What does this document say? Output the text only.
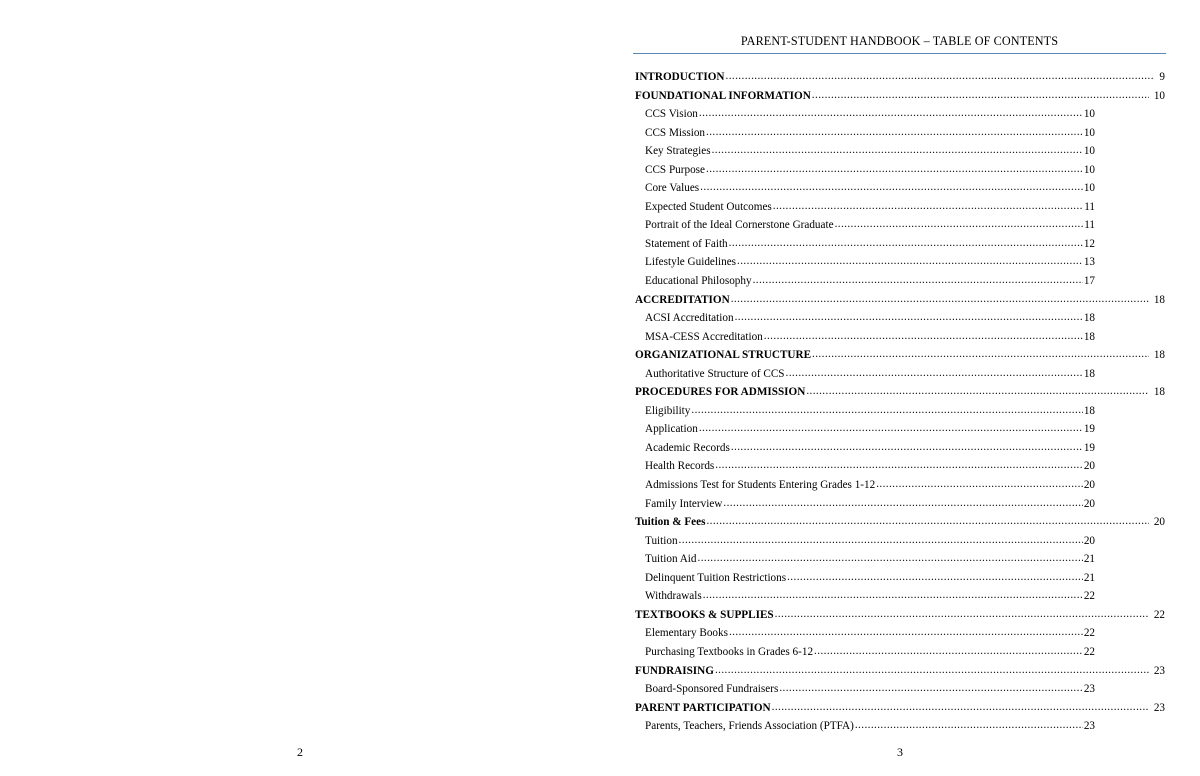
2
PARENT-STUDENT HANDBOOK – TABLE OF CONTENTS
INTRODUCTION .....	9
FOUNDATIONAL INFORMATION .....	10
CCS Vision .....	10
CCS Mission .....	10
Key Strategies .....	10
CCS Purpose .....	10
Core Values .....	10
Expected Student Outcomes .....	11
Portrait of the Ideal Cornerstone Graduate .....	11
Statement of Faith .....	12
Lifestyle Guidelines .....	13
Educational Philosophy .....	17
ACCREDITATION .....	18
ACSI Accreditation .....	18
MSA-CESS Accreditation .....	18
ORGANIZATIONAL STRUCTURE .....	18
Authoritative Structure of CCS .....	18
PROCEDURES FOR ADMISSION .....	18
Eligibility .....	18
Application .....	19
Academic Records .....	19
Health Records .....	20
Admissions Test for Students Entering Grades 1-12 .....	20
Family Interview .....	20
Tuition & Fees .....	20
Tuition .....	20
Tuition Aid .....	21
Delinquent Tuition Restrictions .....	21
Withdrawals .....	22
TEXTBOOKS & SUPPLIES .....	22
Elementary Books .....	22
Purchasing Textbooks in Grades 6-12 .....	22
FUNDRAISING .....	23
Board-Sponsored Fundraisers .....	23
PARENT PARTICIPATION .....	23
Parents, Teachers, Friends Association (PTFA) .....	23
3
